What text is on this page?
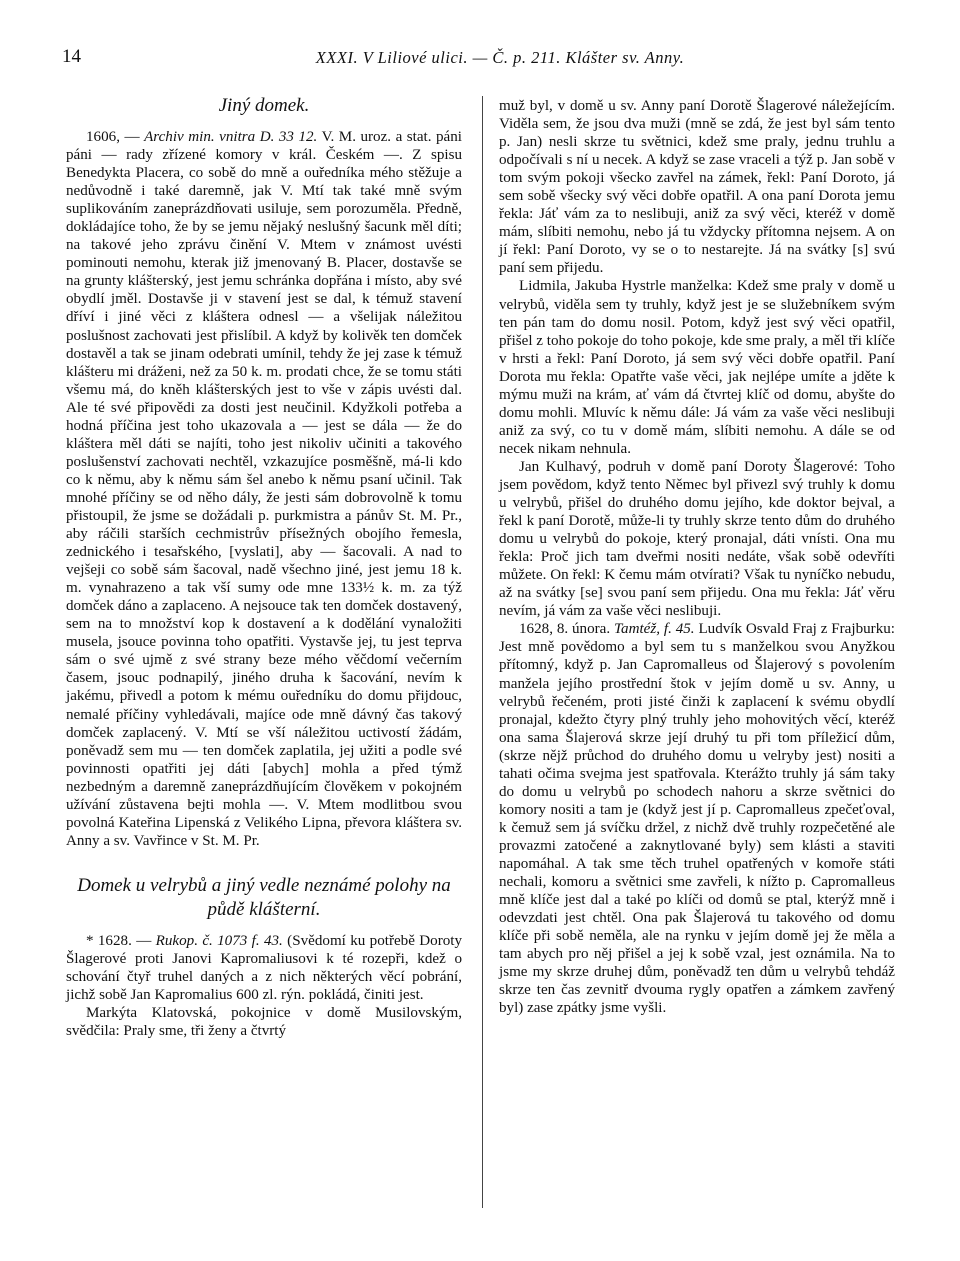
14	XXXI. V Liliové ulici. — Č. p. 211. Klášter sv. Anny.
Jiný domek.

1606, — Archiv min. vnitra D. 33 12. V. M. uroz. a stat. páni páni — rady zřízené komory v král. Českém —. Z spisu Benedykta Placera, co sobě do mně a ouředníka mého stěžuje a nedůvodně i také daremně, jak V. Mtí tak také mně svým suplikováním zaneprázdňovati usiluje, sem porozuměla. Předně, dokládajíce toho, že by se jemu nějaký neslušný šacunk měl díti; na takové jeho zprávu činění V. Mtem v známost uvésti pominouti nemohu, kterak již jmenovaný B. Placer, dostavše se na grunty klášterský, jest jemu schránka dopřána i místo, aby své obydlí jměl. Dostavše ji v stavení jest se dal, k témuž stavení dříví i jiné věci z kláštera odnesl — a všelijak náležitou poslušnost zachovati jest přislíbil. A když by kolivěk ten domček dostavěl a tak se jinam odebrati umínil, tehdy že jej zase k témuž klášteru mi dráženi, než za 50 k. m. prodati chce, že se tomu státi všemu má, do kněh klášterských jest to vše v zápis uvésti dal. Ale té své připovědi za dosti jest neučinil. Kdyžkoli potřeba a hodná příčina jest toho ukazovala a — jest se dála — že do kláštera měl dáti se najíti, toho jest nikoliv učiniti a takového poslušenství zachovati nechtěl, vzkazujíce posměšně, má-li kdo co k němu, aby k němu sám šel anebo k němu psaní učinil. Tak mnohé příčiny se od něho dály, že jesti sám dobrovolně k tomu přistoupil, že jsme se dožádali p. purkmistra a pánův St. M. Pr., aby ráčili starších cechmistrův přísežných obojího řemesla, zednického i tesařského, [vyslati], aby — šacovali. A nad to vejšeji co sobě sám šacoval, nadě všechno jiné, jest jemu 18 k. m. vynahrazeno a tak vší sumy ode mne 133½ k. m. za týž domček dáno a zaplaceno. A nejsouce tak ten domček dostavený, sem na to množství kop k dostavení a k dodělání vynaložiti musela, jsouce povinna toho opatřiti. Vystavše jej, tu jest teprva sám o své ujmě z své strany beze mého věčdomí večerním časem, jsouc podnapilý, jiného druha k šacování, nevím k jakému, přivedl a potom k mému ouředníku do domu přijdouc, nemalé příčiny vyhledávali, majíce ode mně dávný čas takový domček zaplacený. V. Mtí se vší náležitou uctivostí žádám, poněvadž sem mu — ten domček zaplatila, jej užiti a podle své povinnosti opatřiti jej dáti [abych] mohla a před týmž nezbedným a daremně zaneprázdňujícím člověkem v pokojném užívání zůstavena bejti mohla —. V. Mtem modlitbou svou povolná Kateřina Lipenská z Velikého Lipna, převora kláštera sv. Anny a sv. Vavřince v St. M. Pr.

Domek u velrybů a jiný vedle neznámé polohy na půdě klášterní.

* 1628. — Rukop. č. 1073 f. 43. (Svědomí ku potřebě Doroty Šlagerové proti Janovi Kapromaliusovi k té rozepři, kdež o schování čtyř truhel daných a z nich některých věcí pobrání, jichž sobě Jan Kapromalius 600 zl. rýn. pokládá, činiti jest.

Markýta Klatovská, pokojnice v domě Musilovským, svědčila: Praly sme, tři ženy a čtvrtý

muž byl, v domě u sv. Anny paní Dorotě Šlagerové náležejícím. Viděla sem, že jsou dva muži (mně se zdá, že jest byl sám tento p. Jan) nesli skrze tu světnici, kdež sme praly, jednu truhlu a odpočívali s ní u necek. A když se zase vraceli a týž p. Jan sobě v tom svým pokoji všecko zavřel na zámek, řekl: Paní Doroto, já sem sobě všecky svý věci dobře opatřil. A ona paní Dorota jemu řekla: Jáť vám za to neslibuji, aniž za svý věci, kteréž v domě mám, slíbiti nemohu, nebo já tu vždycky přítomna nejsem. A on jí řekl: Paní Doroto, vy se o to nestarejte. Já na svátky [s] svú paní sem přijedu.

Lidmila, Jakuba Hystrle manželka: Kdež sme praly v domě u velrybů, viděla sem ty truhly, když jest je se služebníkem svým ten pán tam do domu nosil. Potom, když jest svý věci opatřil, přišel z toho pokoje do toho pokoje, kde sme praly, a měl tři klíče v hrsti a řekl: Paní Doroto, já sem svý věci dobře opatřil. Paní Dorota mu řekla: Opatřte vaše věci, jak nejlépe umíte a jděte k mýmu muži na krám, ať vám dá čtvrtej klíč od domu, abyšte do domu mohli. Mluvíc k němu dále: Já vám za vaše věci neslibuji aniž za svý, co tu v domě mám, slíbiti nemohu. A dále se od necek nikam nehnula.

Jan Kulhavý, podruh v domě paní Doroty Šlagerové: Toho jsem povědom, když tento Němec byl přivezl svý truhly k domu u velrybů, přišel do druhého domu jejího, kde doktor bejval, a řekl k paní Dorotě, může-li ty truhly skrze tento dům do druhého domu u velrybů do pokoje, který pronajal, dáti vnísti. Ona mu řekla: Proč jich tam dveřmi nositi nedáte, však sobě odevříti můžete. On řekl: K čemu mám otvírati? Však tu nyníčko nebudu, až na svátky [se] svou paní sem přijedu. Ona mu řekla: Jáť věru nevím, já vám za vaše věci neslibuji.

1628, 8. února. Tamtéž, f. 45. Ludvík Osvald Fraj z Frajburku: Jest mně povědomo a byl sem tu s manželkou svou Anyžkou přítomný, když p. Jan Capromalleus od Šlajerový s povolením manžela jejího prostřední štok v jejím domě u sv. Anny, u velrybů řečeném, proti jisté činži k zaplacení k svému obydlí pronajal, kdežto čtyry plný truhly jeho mohovitých věcí, kteréž ona sama Šlajerová skrze její druhý tu při tom příležicí dům, (skrze nějž průchod do druhého domu u velryby jest) nositi a tahati očima svejma jest spatřovala. Kterážto truhly já sám taky do domu u velrybů po schodech nahoru a skrze světnici do komory nositi a tam je (když jest jí p. Capromalleus zpečeťoval, k čemuž sem já svíčku držel, z nichž dvě truhly rozpečetěné ale provazmi zatočené a zaknytlované byly) sem klásti a staviti napomáhal. A tak sme těch truhel opatřených v komoře státi nechali, komoru a světnici sme zavřeli, k nížto p. Capromalleus mně klíče jest dal a také po klíči od domů se ptal, kterýž mně i odevzdati jest chtěl. Ona pak Šlajerová tu takového od domu klíče při sobě neměla, ale na rynku v jejím domě jej že měla a tam abych pro něj přišel a jej k sobě vzal, jest oznámila. Na to jsme my skrze druhej dům, poněvadž ten dům u velrybů tehdáž skrze ten čas zevnitř dvouma rygly opatřen a zámkem zavřený byl) zase zpátky jsme vyšli.
